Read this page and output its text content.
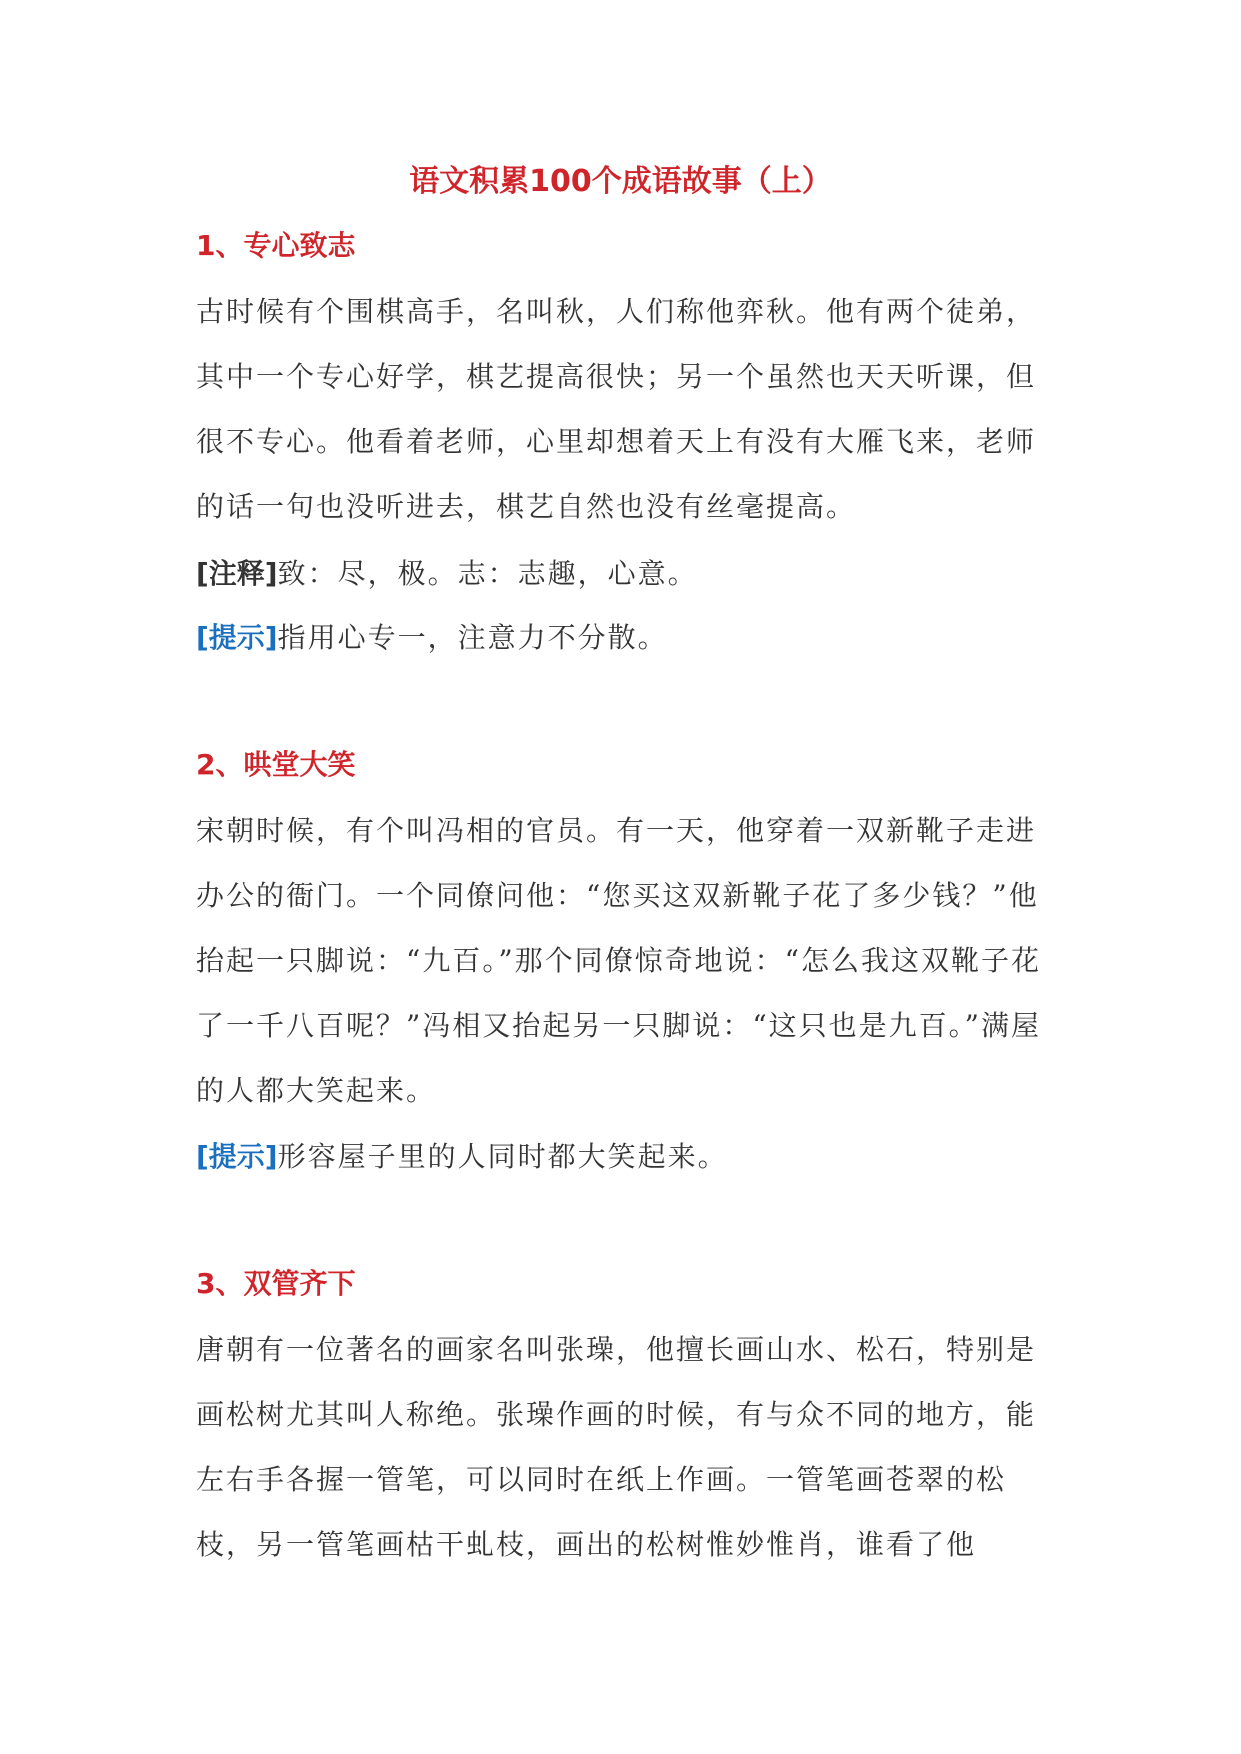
语文积累100个成语故事（上）
1、专心致志
古时候有个围棋高手，名叫秋，人们称他弈秋。他有两个徒弟，其中一个专心好学，棋艺提高很快；另一个虽然也天天听课，但很不专心。他看着老师，心里却想着天上有没有大雁飞来，老师的话一句也没听进去，棋艺自然也没有丝毫提高。
[注释]致：尽，极。志：志趣，心意。
[提示]指用心专一，注意力不分散。
2、哄堂大笑
宋朝时候，有个叫冯相的官员。有一天，他穿着一双新靴子走进办公的衙门。一个同僚问他：“您买这双新靴子花了多少钱？”他抬起一只脚说：“九百。”那个同僚惊奇地说：“怎么我这双靴子花了一千八百呢？”冯相又抬起另一只脚说：“这只也是九百。”满屋的人都大笑起来。
[提示]形容屋子里的人同时都大笑起来。
3、双管齐下
唐朝有一位著名的画家名叫张璪，他擅长画山水、松石，特别是画松树尤其叫人称绝。张璪作画的时候，有与众不同的地方，能左右手各握一管笔，可以同时在纸上作画。一管笔画苍翠的松枝，另一管笔画枯干虬枝，画出的松树惟妙惟肖，谁看了他
